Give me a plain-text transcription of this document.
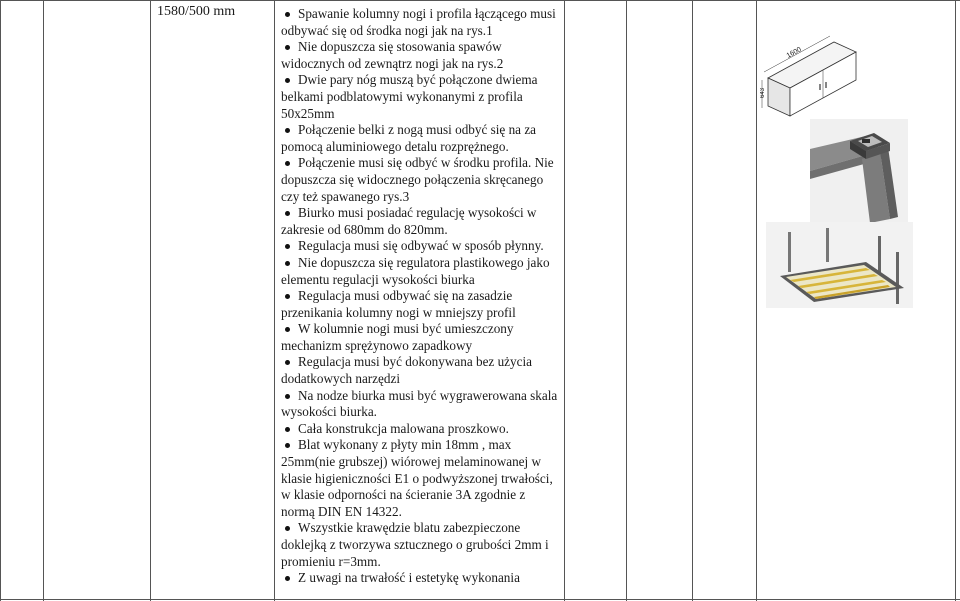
1580/500 mm	Spawanie kolumny nogi i profila łączącego musi odbywać się od środka nogi jak na rys.1
Nie dopuszcza się stosowania spawów widocznych od zewnątrz nogi jak na rys.2
Dwie pary nóg muszą być połączone dwiema belkami podblatowymi wykonanymi z profila 50x25mm
Połączenie belki z nogą musi odbyć się na za pomocą aluminiowego detalu rozprężnego.
Połączenie musi się odbyć w środku profila. Nie dopuszcza się widocznego połączenia skręcanego czy też spawanego rys.3
Biurko musi posiadać regulację wysokości w zakresie od 680mm do 820mm.
Regulacja musi się odbywać w sposób płynny.
Nie dopuszcza się regulatora plastikowego jako elementu regulacji wysokości biurka
Regulacja musi odbywać się na zasadzie przenikania kolumny nogi w mniejszy profil
W kolumnie nogi musi być umieszczony mechanizm sprężynowo zapadkowy
Regulacja musi być dokonywana bez użycia dodatkowych narzędzi
Na nodze biurka musi być wygrawerowana skala wysokości biurka.
Cała konstrukcja malowana proszkowo.
Blat wykonany z płyty min 18mm , max 25mm(nie grubszej) wiórowej melaminowanej w klasie higieniczności E1 o podwyższonej trwałości, w klasie odporności na ścieranie 3A zgodnie z normą DIN EN 14322.
Wszystkie krawędzie blatu zabezpieczone doklejką z tworzywa sztucznego o grubości 2mm i promieniu r=3mm.
Z uwagi na trwałość i estetykę wykonania
1600
643
